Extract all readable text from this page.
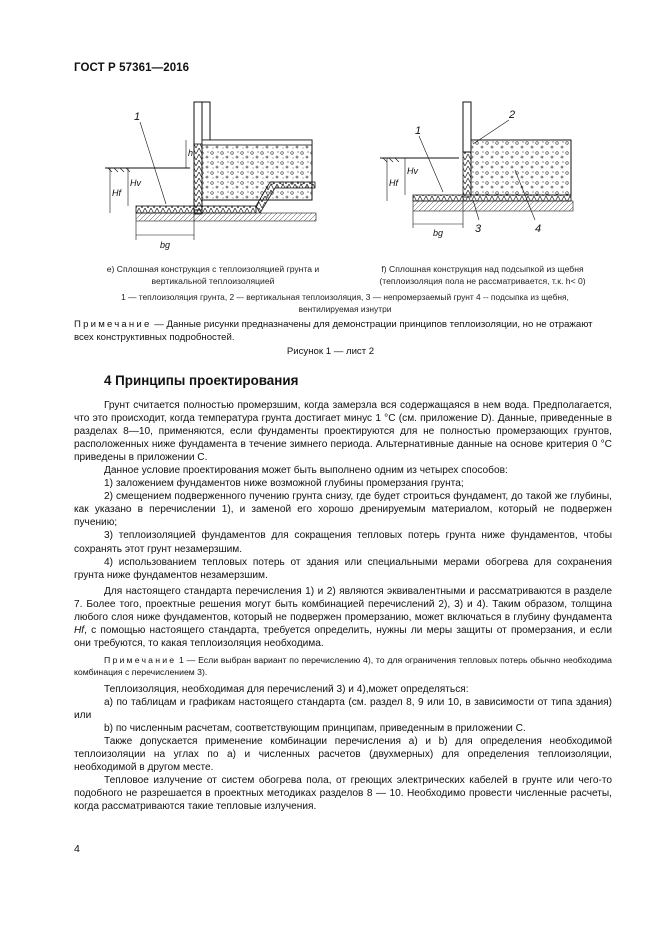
ГОСТ Р 57361—2016
1
h
Hf
Hv
bg
e) Сплошная конструкция с теплоизоляцией грунта и
вертикальной теплоизоляцией
1
2
3	4
Hf
Hv
bg
f) Сплошная конструкция над подсыпкой из щебня
(теплоизоляция пола не рассматривается, т.к. h< 0)
1 — теплоизоляция грунта, 2 –- вертикальная теплоизоляция, 3 — непромерзаемый грунт 4 -- подсыпка из щебня,
вентилируемая изнутри
Примечание — Данные рисунки предназначены для демонстрации принципов теплоизоляции, но не отражают всех конструктивных подробностей.
Рисунок 1 — лист 2
4 Принципы проектирования

Грунт считается полностью промерзшим, когда замерзла вся содержащаяся в нем вода. Предполагается, что это происходит, когда температура грунта достигает минус 1 °С (см. приложение D). Данные, приведенные в разделах 8—10, применяются, если фундаменты проектируются для не полностью промерзающих грунтов, расположенных ниже фундамента в течение зимнего периода. Альтернативные данные на основе критерия 0 °С приведены в приложении С.

Данное условие проектирования может быть выполнено одним из четырех способов:

1) заложением фундаментов ниже возможной глубины промерзания грунта;

2) смещением подверженного пучению грунта снизу, где будет строиться фундамент, до такой же глубины, как указано в перечислении 1), и заменой его хорошо дренируемым материалом, который не подвержен пучению;

3) теплоизоляцией фундаментов для сокращения тепловых потерь грунта ниже фундаментов, чтобы сохранять этот грунт незамерзшим.

4) использованием тепловых потерь от здания или специальными мерами обогрева для сохранения грунта ниже фундаментов незамерзшим.

Для настоящего стандарта перечисления 1) и 2) являются эквивалентными и рассматриваются в разделе 7. Более того, проектные решения могут быть комбинацией перечислений 2), 3) и 4). Таким образом, толщина любого слоя ниже фундаментов, который не подвержен промерзанию, может включаться в глубину фундамента Hf, с помощью настоящего стандарта, требуется определить, нужны ли меры защиты от промерзания, и если они требуются, то какая теплоизоляция необходима.

Примечание 1 — Если выбран вариант по перечислению 4), то для ограничения тепловых потерь обычно необходима комбинация с перечислением 3).

Теплоизоляция, необходимая для перечислений 3) и 4),может определяться:

а) по таблицам и графикам настоящего стандарта (см. раздел 8, 9 или 10, в зависимости от типа здания) или

b) по численным расчетам, соответствующим принципам, приведенным в приложении С.

Также допускается применение комбинации перечисления а) и b) для определения необходимой теплоизоляции на углах по а) и численных расчетов (двухмерных) для определения теплоизоляции, необходимой в другом месте.

Тепловое излучение от систем обогрева пола, от греющих электрических кабелей в грунте или чего-то подобного не разрешается в проектных методиках разделов 8 — 10. Необходимо провести численные расчеты, когда рассматриваются такие тепловые излучения.

4
